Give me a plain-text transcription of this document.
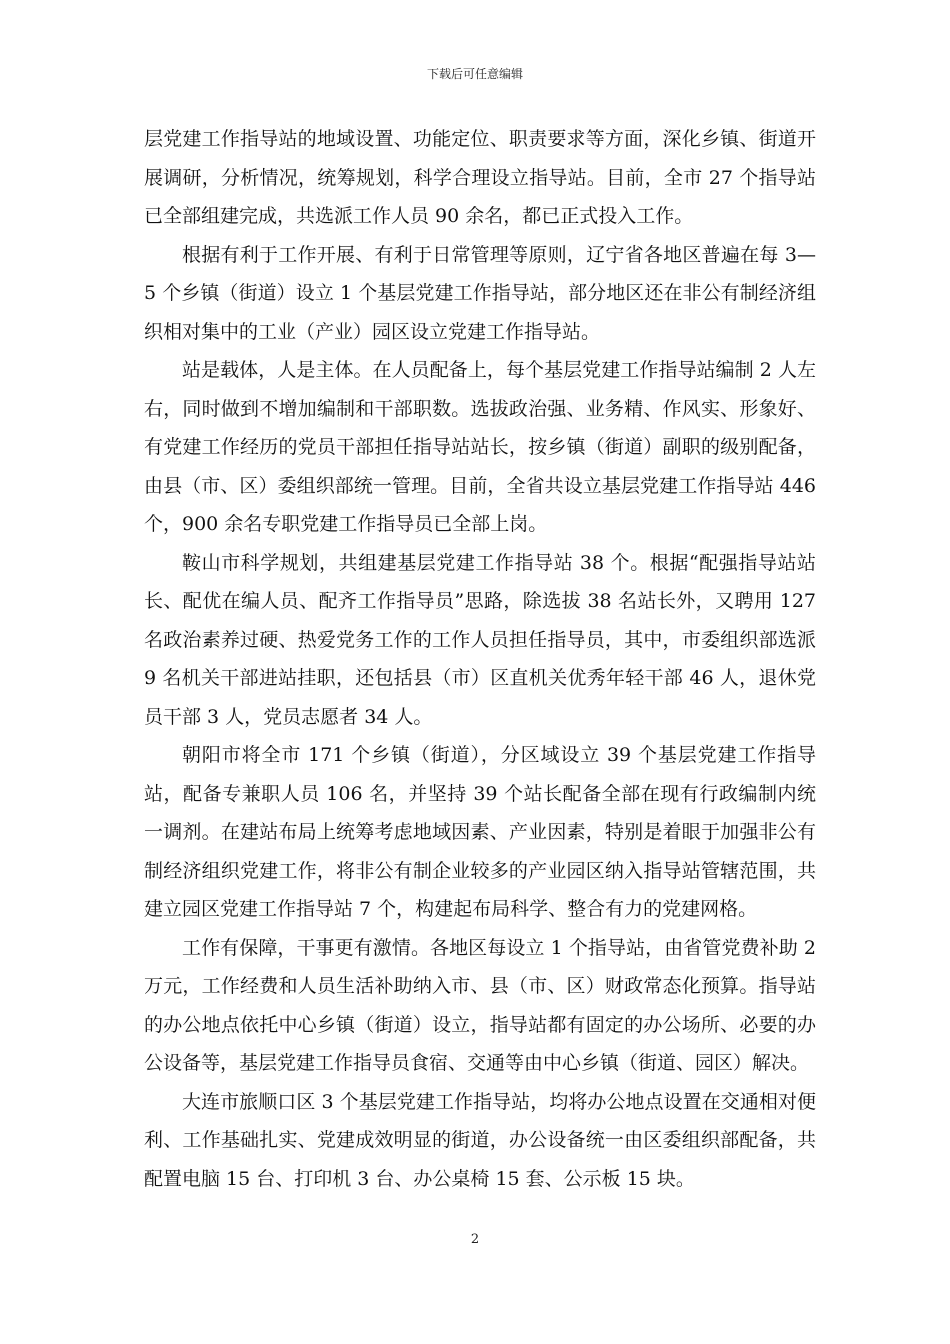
下载后可任意编辑

层党建工作指导站的地域设置、功能定位、职责要求等方面，深化乡镇、街道开展调研，分析情况，统筹规划，科学合理设立指导站。目前，全市 27 个指导站已全部组建完成，共选派工作人员 90 余名，都已正式投入工作。

根据有利于工作开展、有利于日常管理等原则，辽宁省各地区普遍在每 3—5 个乡镇（街道）设立 1 个基层党建工作指导站，部分地区还在非公有制经济组织相对集中的工业（产业）园区设立党建工作指导站。

站是载体，人是主体。在人员配备上，每个基层党建工作指导站编制 2 人左右，同时做到不增加编制和干部职数。选拔政治强、业务精、作风实、形象好、有党建工作经历的党员干部担任指导站站长，按乡镇（街道）副职的级别配备，由县（市、区）委组织部统一管理。目前，全省共设立基层党建工作指导站 446 个，900 余名专职党建工作指导员已全部上岗。

鞍山市科学规划，共组建基层党建工作指导站 38 个。根据“配强指导站站长、配优在编人员、配齐工作指导员”思路，除选拔 38 名站长外，又聘用 127 名政治素养过硬、热爱党务工作的工作人员担任指导员，其中，市委组织部选派 9 名机关干部进站挂职，还包括县（市）区直机关优秀年轻干部 46 人，退休党员干部 3 人，党员志愿者 34 人。

朝阳市将全市 171 个乡镇（街道），分区域设立 39 个基层党建工作指导站，配备专兼职人员 106 名，并坚持 39 个站长配备全部在现有行政编制内统一调剂。在建站布局上统筹考虑地域因素、产业因素，特别是着眼于加强非公有制经济组织党建工作，将非公有制企业较多的产业园区纳入指导站管辖范围，共建立园区党建工作指导站 7 个，构建起布局科学、整合有力的党建网格。

工作有保障，干事更有激情。各地区每设立 1 个指导站，由省管党费补助 2 万元，工作经费和人员生活补助纳入市、县（市、区）财政常态化预算。指导站的办公地点依托中心乡镇（街道）设立，指导站都有固定的办公场所、必要的办公设备等，基层党建工作指导员食宿、交通等由中心乡镇（街道、园区）解决。

大连市旅顺口区 3 个基层党建工作指导站，均将办公地点设置在交通相对便利、工作基础扎实、党建成效明显的街道，办公设备统一由区委组织部配备，共配置电脑 15 台、打印机 3 台、办公桌椅 15 套、公示板 15 块。

2
